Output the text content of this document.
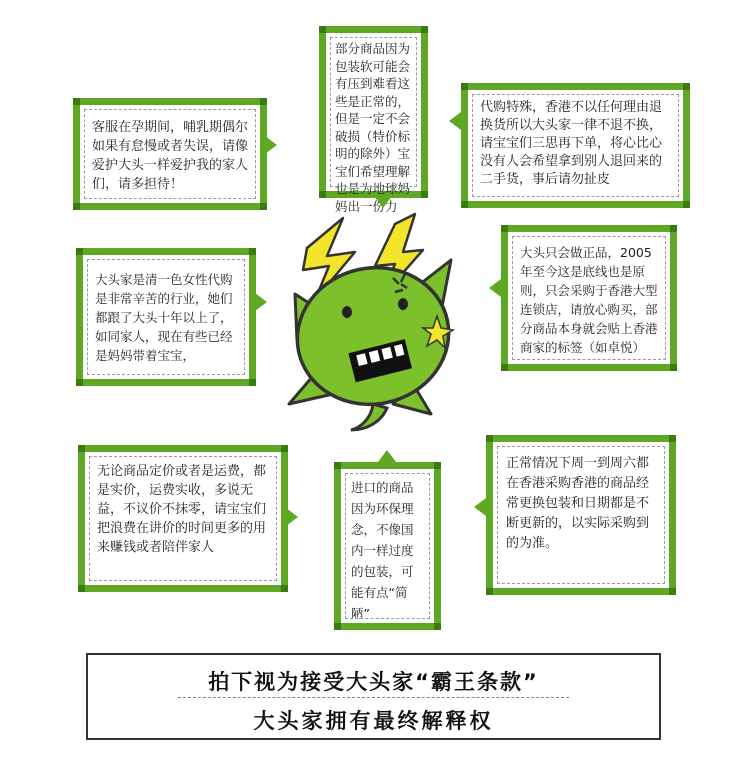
部分商品因为包装软可能会有压到难看这些是正常的，但是一定不会破损（特价标明的除外）宝宝们希望理解也是为地球妈妈出一份力

客服在孕期间，哺乳期偶尔如果有怠慢或者失误，请像爱护大头一样爱护我的家人们，请多担待！

代购特殊，香港不以任何理由退换货所以大头家一律不退不换，请宝宝们三思再下单，将心比心没有人会希望拿到别人退回来的二手货，事后请勿扯皮

大头家是清一色女性代购是非常辛苦的行业，她们都跟了大头十年以上了，如同家人，现在有些已经是妈妈带着宝宝，

大头只会做正品，2005年至今这是底线也是原则，只会采购于香港大型连锁店，请放心购买，部分商品本身就会贴上香港商家的标签（如卓悦）

无论商品定价或者是运费，都是实价，运费实收，多说无益，不议价不抹零，请宝宝们把浪费在讲价的时间更多的用来赚钱或者陪伴家人

进口的商品因为环保理念，不像国内一样过度的包装，可能有点“简陋”

正常情况下周一到周六都在香港采购香港的商品经常更换包装和日期都是不断更新的，以实际采购到的为准。

拍下视为接受大头家“霸王条款”
大头家拥有最终解释权
